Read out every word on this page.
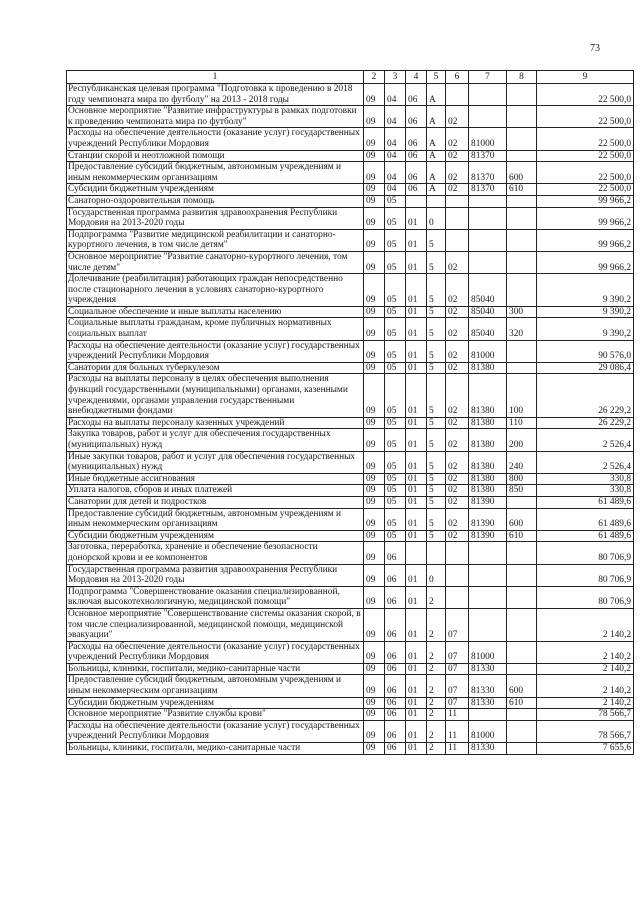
73
1	2	3	4	5	6	7	8	9
Республиканская целевая программа "Подготовка к проведению в 2018 году чемпионата мира по футболу" на 2013 - 2018 годы	09	04	06	А				22 500,0
Основное мероприятие "Развитие инфраструктуры в рамках подготовки к проведению чемпионата мира по футболу"	09	04	06	А	02			22 500,0
Расходы на обеспечение деятельности (оказание услуг) государственных учреждений Республики Мордовия	09	04	06	А	02	81000		22 500,0
Станции скорой и неотложной помощи	09	04	06	А	02	81370		22 500,0
Предоставление субсидий бюджетным, автономным учреждениям и иным некоммерческим организациям	09	04	06	А	02	81370	600	22 500,0
Субсидии бюджетным учреждениям	09	04	06	А	02	81370	610	22 500,0
Санаторно-оздоровительная помощь	09	05						99 966,2
Государственная программа развития здравоохранения Республики Мордовия на 2013-2020 годы	09	05	01	0				99 966,2
Подпрограмма "Развитие медицинской реабилитации и санаторно-курортного лечения, в том числе детям"	09	05	01	5				99 966,2
Основное мероприятие "Развитие санаторно-курортного лечения, том числе детям"	09	05	01	5	02			99 966,2
Долечивание (реабилитация) работающих граждан непосредственно после стационарного лечения в условиях санаторно-курортного учреждения	09	05	01	5	02	85040		9 390,2
Социальное обеспечение и иные выплаты населению	09	05	01	5	02	85040	300	9 390,2
Социальные выплаты гражданам, кроме публичных нормативных социальных выплат	09	05	01	5	02	85040	320	9 390,2
Расходы на обеспечение деятельности (оказание услуг) государственных учреждений Республики Мордовия	09	05	01	5	02	81000		90 576,0
Санатории для больных туберкулезом	09	05	01	5	02	81380		29 086,4
Расходы на выплаты персоналу в целях обеспечения выполнения функций государственными (муниципальными) органами, казенными учреждениями, органами управления государственными внебюджетными фондами	09	05	01	5	02	81380	100	26 229,2
Расходы на выплаты персоналу казенных учреждений	09	05	01	5	02	81380	110	26 229,2
Закупка товаров, работ и услуг для обеспечения государственных (муниципальных) нужд	09	05	01	5	02	81380	200	2 526,4
Иные закупки товаров, работ и услуг для обеспечения государственных (муниципальных) нужд	09	05	01	5	02	81380	240	2 526,4
Иные бюджетные ассигнования	09	05	01	5	02	81380	800	330,8
Уплата налогов, сборов и иных платежей	09	05	01	5	02	81380	850	330,8
Санатории для детей и подростков	09	05	01	5	02	81390		61 489,6
Предоставление субсидий бюджетным, автономным учреждениям и иным некоммерческим организациям	09	05	01	5	02	81390	600	61 489,6
Субсидии бюджетным учреждениям	09	05	01	5	02	81390	610	61 489,6
Заготовка, переработка, хранение и обеспечение безопасности донорской крови и ее компонентов	09	06						80 706,9
Государственная программа развития здравоохранения Республики Мордовия на 2013-2020 годы	09	06	01	0				80 706,9
Подпрограмма "Совершенствование оказания специализированной, включая высокотехнологичную, медицинской помощи"	09	06	01	2				80 706,9
Основное мероприятие "Совершенствование системы оказания скорой, в том числе специализированной, медицинской помощи, медицинской эвакуации"	09	06	01	2	07			2 140,2
Расходы на обеспечение деятельности (оказание услуг) государственных учреждений Республики Мордовия	09	06	01	2	07	81000		2 140,2
Больницы, клиники, госпитали, медико-санитарные части	09	06	01	2	07	81330		2 140,2
Предоставление субсидий бюджетным, автономным учреждениям и иным некоммерческим организациям	09	06	01	2	07	81330	600	2 140,2
Субсидии бюджетным учреждениям	09	06	01	2	07	81330	610	2 140,2
Основное мероприятие "Развитие службы крови"	09	06	01	2	11			78 566,7
Расходы на обеспечение деятельности (оказание услуг) государственных учреждений Республики Мордовия	09	06	01	2	11	81000		78 566,7
Больницы, клиники, госпитали, медико-санитарные части	09	06	01	2	11	81330		7 655,6
